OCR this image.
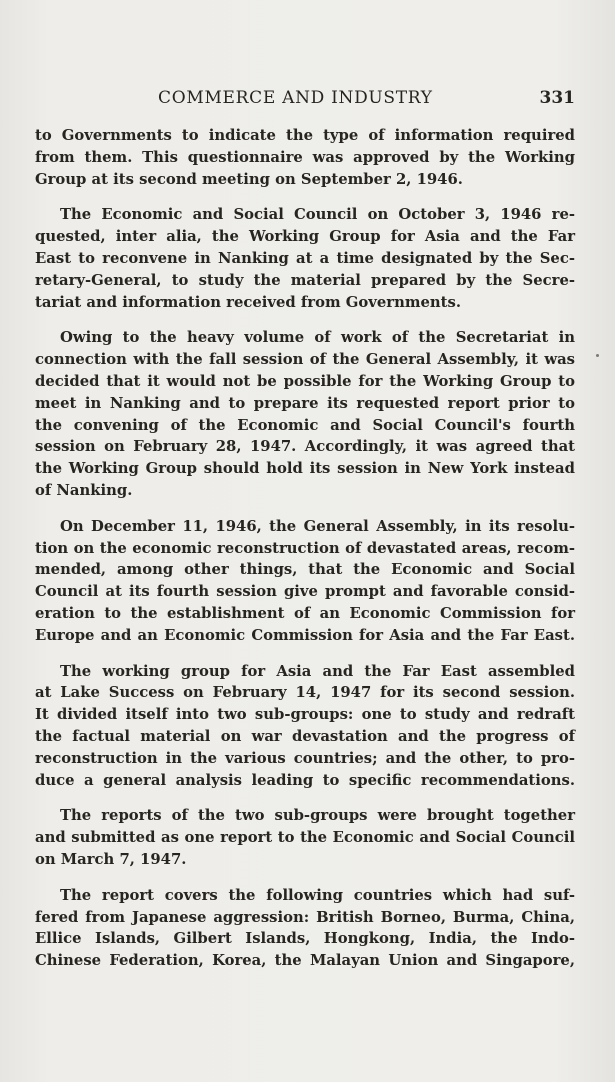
COMMERCE AND INDUSTRY	331

to Governments to indicate the type of information required
from them. This questionnaire was approved by the Working
Group at its second meeting on September 2, 1946.

The Economic and Social Council on October 3, 1946 re-
quested, inter alia, the Working Group for Asia and the Far
East to reconvene in Nanking at a time designated by the Sec-
retary-General, to study the material prepared by the Secre-
tariat and information received from Governments.

Owing to the heavy volume of work of the Secretariat in
connection with the fall session of the General Assembly, it was
decided that it would not be possible for the Working Group to
meet in Nanking and to prepare its requested report prior to
the convening of the Economic and Social Council's fourth
session on February 28, 1947. Accordingly, it was agreed that
the Working Group should hold its session in New York instead
of Nanking.

On December 11, 1946, the General Assembly, in its resolu-
tion on the economic reconstruction of devastated areas, recom-
mended, among other things, that the Economic and Social
Council at its fourth session give prompt and favorable consid-
eration to the establishment of an Economic Commission for
Europe and an Economic Commission for Asia and the Far East.

The working group for Asia and the Far East assembled
at Lake Success on February 14, 1947 for its second session.
It divided itself into two sub-groups: one to study and redraft
the factual material on war devastation and the progress of
reconstruction in the various countries; and the other, to pro-
duce a general analysis leading to specific recommendations.

The reports of the two sub-groups were brought together
and submitted as one report to the Economic and Social Council
on March 7, 1947.

The report covers the following countries which had suf-
fered from Japanese aggression: British Borneo, Burma, China,
Ellice Islands, Gilbert Islands, Hongkong, India, the Indo-
Chinese Federation, Korea, the Malayan Union and Singapore,
